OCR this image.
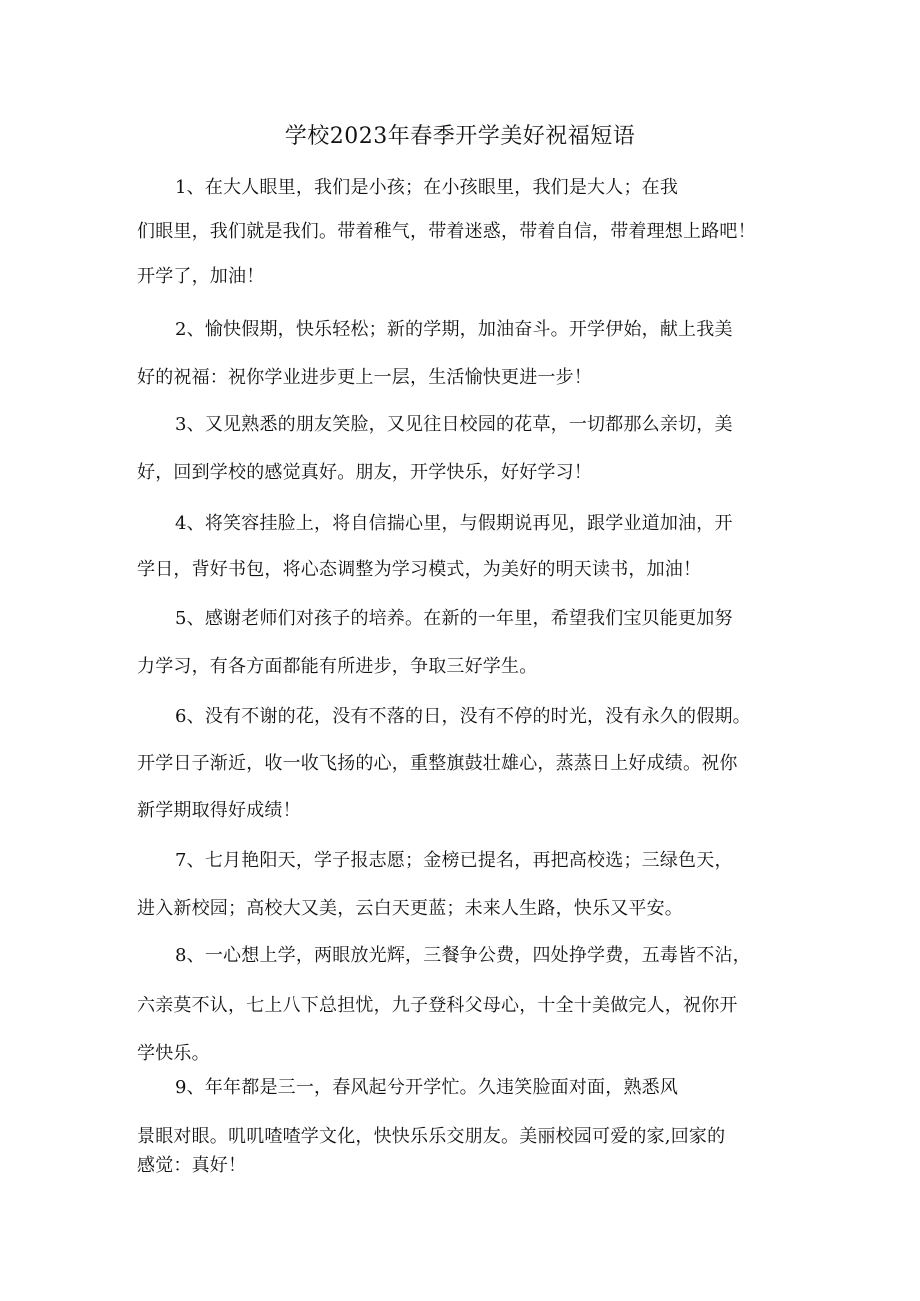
学校2023年春季开学美好祝福短语
1、在大人眼里，我们是小孩；在小孩眼里，我们是大人；在我
们眼里，我们就是我们。带着稚气，带着迷惑，带着自信，带着理想上路吧！
开学了，加油！
2、愉快假期，快乐轻松；新的学期，加油奋斗。开学伊始，献上我美
好的祝福：祝你学业进步更上一层，生活愉快更进一步！
3、又见熟悉的朋友笑脸，又见往日校园的花草，一切都那么亲切，美
好，回到学校的感觉真好。朋友，开学快乐，好好学习！
4、将笑容挂脸上，将自信揣心里，与假期说再见，跟学业道加油，开
学日，背好书包，将心态调整为学习模式，为美好的明天读书，加油！
5、感谢老师们对孩子的培养。在新的一年里，希望我们宝贝能更加努
力学习，有各方面都能有所进步，争取三好学生。
6、没有不谢的花，没有不落的日，没有不停的时光，没有永久的假期。
开学日子渐近，收一收飞扬的心，重整旗鼓壮雄心，蒸蒸日上好成绩。祝你
新学期取得好成绩！
7、七月艳阳天，学子报志愿；金榜已提名，再把高校选；三绿色天，
进入新校园；高校大又美，云白天更蓝；未来人生路，快乐又平安。
8、一心想上学，两眼放光辉，三餐争公费，四处挣学费，五毒皆不沾，
六亲莫不认，七上八下总担忧，九子登科父母心，十全十美做完人，祝你开
学快乐。
9、年年都是三一，春风起兮开学忙。久违笑脸面对面，熟悉风
景眼对眼。叽叽喳喳学文化，快快乐乐交朋友。美丽校园可爱的家,回家的
感觉：真好！
